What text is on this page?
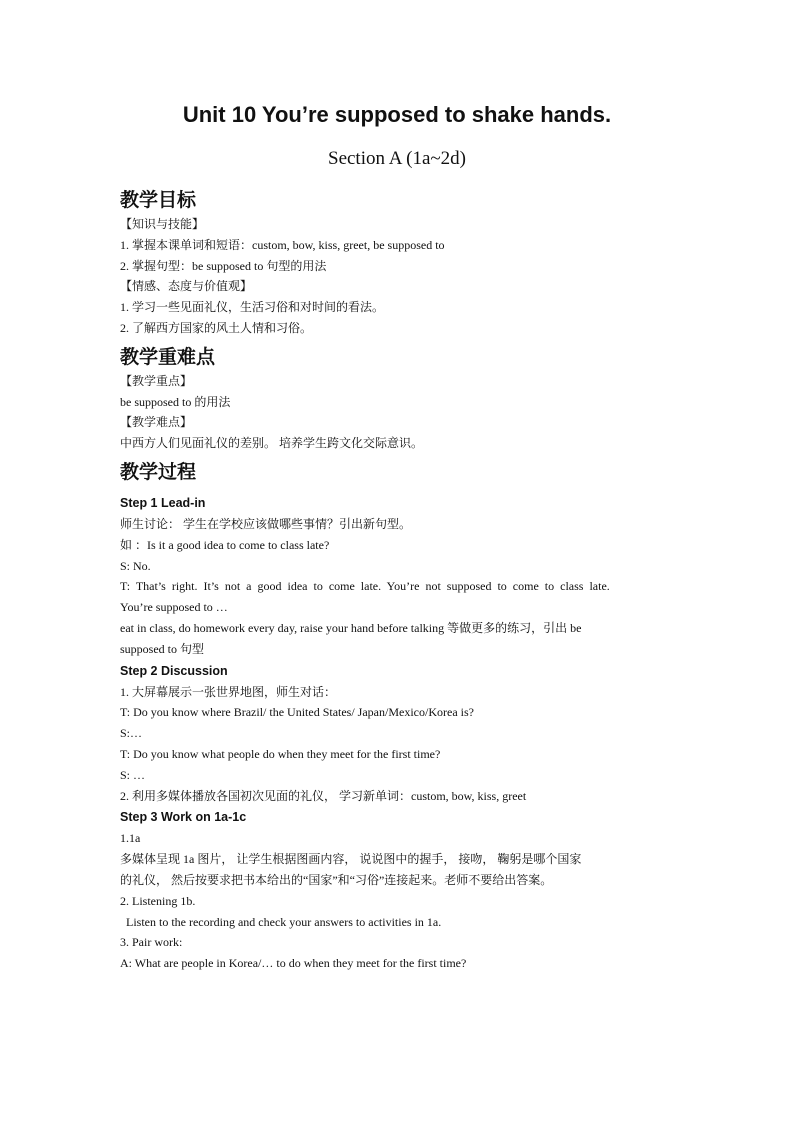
Unit 10 You’re supposed to shake hands.
Section A (1a~2d)

教学目标

【知识与技能】

1. 掌握本课单词和短语：custom, bow, kiss, greet, be supposed to

2. 掌握句型：be supposed to 句型的用法

【情感、态度与价值观】

1. 学习一些见面礼仪，生活习俗和对时间的看法。

2. 了解西方国家的风土人情和习俗。

教学重难点

【教学重点】

be supposed to 的用法

【教学难点】

中西方人们见面礼仪的差别。 培养学生跨文化交际意识。

教学过程

Step 1 Lead-in

师生讨论： 学生在学校应该做哪些事情？引出新句型。

如 ：Is it a good idea to come to class late?

S: No.

T:  That’s  right.  It’s  not  a  good  idea  to  come  late.  You’re  not  supposed  to  come  to  class  late.

You’re supposed to …

eat in class, do homework every day, raise your hand before talking 等做更多的练习，引出 be

supposed to 句型

Step 2 Discussion

1. 大屏幕展示一张世界地图，师生对话：

T: Do you know where Brazil/ the United States/ Japan/Mexico/Korea is?

S:…

T: Do you know what people do when they meet for the first time?

S: …

2. 利用多媒体播放各国初次见面的礼仪， 学习新单词：custom, bow, kiss, greet

Step 3 Work on 1a-1c

1.1a

多媒体呈现 1a 图片， 让学生根据图画内容， 说说图中的握手， 接吻， 鞠躬是哪个国家

的礼仪， 然后按要求把书本给出的“国家”和“习俗”连接起来。老师不要给出答案。

2. Listening 1b.

Listen to the recording and check your answers to activities in 1a.

3. Pair work:

A: What are people in Korea/… to do when they meet for the first time?
